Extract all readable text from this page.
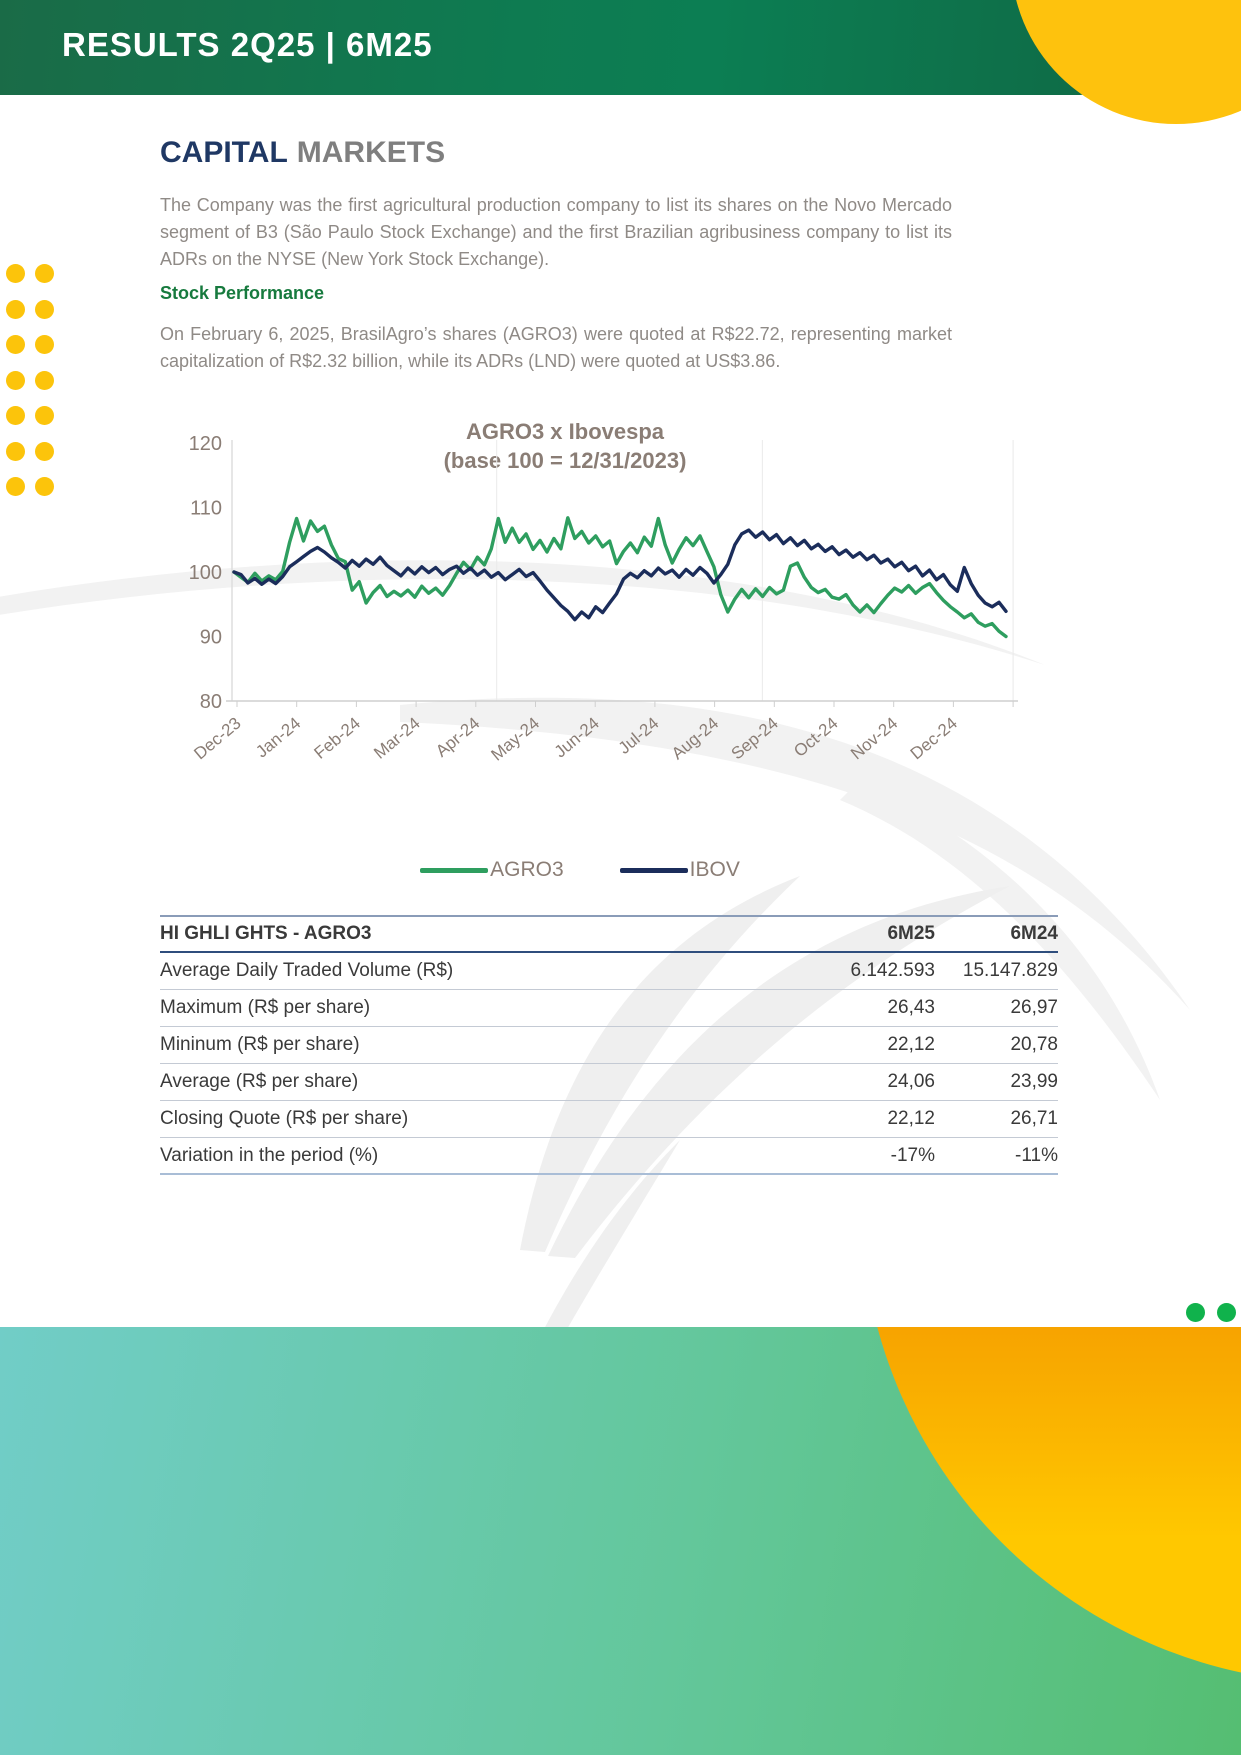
RESULTS 2Q25 | 6M25
CAPITAL MARKETS

The Company was the first agricultural production company to list its shares on the Novo Mercado segment of B3 (São Paulo Stock Exchange) and the first Brazilian agribusiness company to list its ADRs on the NYSE (New York Stock Exchange).

Stock Performance

On February 6, 2025, BrasilAgro’s shares (AGRO3) were quoted at R$22.72, representing market capitalization of R$2.32 billion, while its ADRs (LND) were quoted at US$3.86.

AGRO3 x Ibovespa
(base 100 = 12/31/2023)
120
110
100
90
80
Dec-23 Jan-24 Feb-24 Mar-24 Apr-24 May-24 Jun-24 Jul-24 Aug-24 Sep-24 Oct-24 Nov-24 Dec-24
AGRO3	IBOV
HI GHLI GHTS - AGRO3	6M25	6M24
Average Daily Traded Volume (R$)	6.142.593	15.147.829
Maximum (R$ per share)	26,43	26,97
Mininum (R$ per share)	22,12	20,78
Average (R$ per share)	24,06	23,99
Closing Quote (R$ per share)	22,12	26,71
Variation in the period (%)	-17%	-11%
